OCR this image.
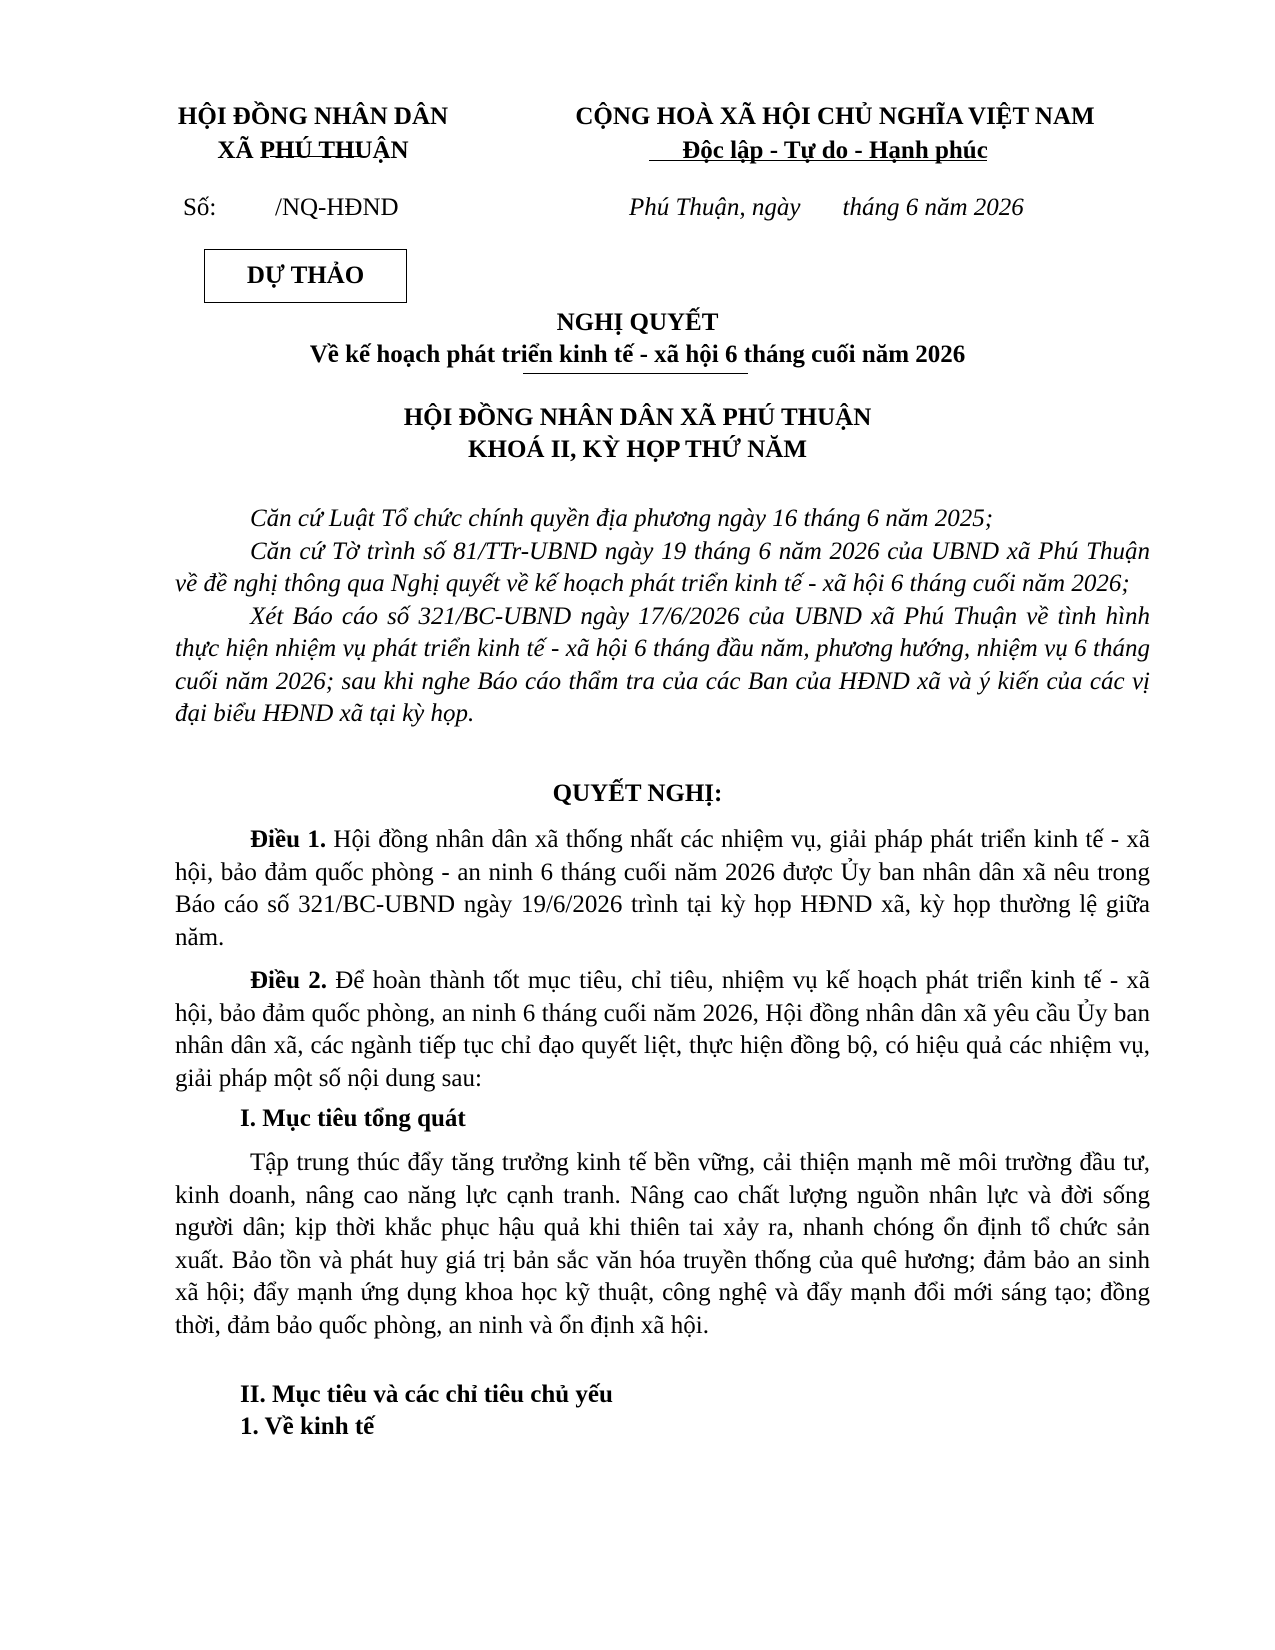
HỘI ĐỒNG NHÂN DÂN
XÃ PHÚ THUẬN
CỘNG HOÀ XÃ HỘI CHỦ NGHĨA VIỆT NAM
Độc lập - Tự do - Hạnh phúc
Số: /NQ-HĐND	Phú Thuận, ngày tháng 6 năm 2026
DỰ THẢO
NGHỊ QUYẾT
Về kế hoạch phát triển kinh tế - xã hội 6 tháng cuối năm 2026
HỘI ĐỒNG NHÂN DÂN XÃ PHÚ THUẬN
KHOÁ II, KỲ HỌP THỨ NĂM

Căn cứ Luật Tổ chức chính quyền địa phương ngày 16 tháng 6 năm 2025;

Căn cứ Tờ trình số 81/TTr-UBND ngày 19 tháng 6 năm 2026 của UBND xã Phú Thuận về đề nghị thông qua Nghị quyết về kế hoạch phát triển kinh tế - xã hội 6 tháng cuối năm 2026;

Xét Báo cáo số 321/BC-UBND ngày 17/6/2026 của UBND xã Phú Thuận về tình hình thực hiện nhiệm vụ phát triển kinh tế - xã hội 6 tháng đầu năm, phương hướng, nhiệm vụ 6 tháng cuối năm 2026; sau khi nghe Báo cáo thẩm tra của các Ban của HĐND xã và ý kiến của các vị đại biểu HĐND xã tại kỳ họp.

QUYẾT NGHỊ:

Điều 1. Hội đồng nhân dân xã thống nhất các nhiệm vụ, giải pháp phát triển kinh tế - xã hội, bảo đảm quốc phòng - an ninh 6 tháng cuối năm 2026 được Ủy ban nhân dân xã nêu trong Báo cáo số 321/BC-UBND ngày 19/6/2026 trình tại kỳ họp HĐND xã, kỳ họp thường lệ giữa năm.

Điều 2. Để hoàn thành tốt mục tiêu, chỉ tiêu, nhiệm vụ kế hoạch phát triển kinh tế - xã hội, bảo đảm quốc phòng, an ninh 6 tháng cuối năm 2026, Hội đồng nhân dân xã yêu cầu Ủy ban nhân dân xã, các ngành tiếp tục chỉ đạo quyết liệt, thực hiện đồng bộ, có hiệu quả các nhiệm vụ, giải pháp một số nội dung sau:

I. Mục tiêu tổng quát

Tập trung thúc đẩy tăng trưởng kinh tế bền vững, cải thiện mạnh mẽ môi trường đầu tư, kinh doanh, nâng cao năng lực cạnh tranh. Nâng cao chất lượng nguồn nhân lực và đời sống người dân; kịp thời khắc phục hậu quả khi thiên tai xảy ra, nhanh chóng ổn định tổ chức sản xuất. Bảo tồn và phát huy giá trị bản sắc văn hóa truyền thống của quê hương; đảm bảo an sinh xã hội; đẩy mạnh ứng dụng khoa học kỹ thuật, công nghệ và đẩy mạnh đổi mới sáng tạo; đồng thời, đảm bảo quốc phòng, an ninh và ổn định xã hội.

II. Mục tiêu và các chỉ tiêu chủ yếu
1. Về kinh tế
